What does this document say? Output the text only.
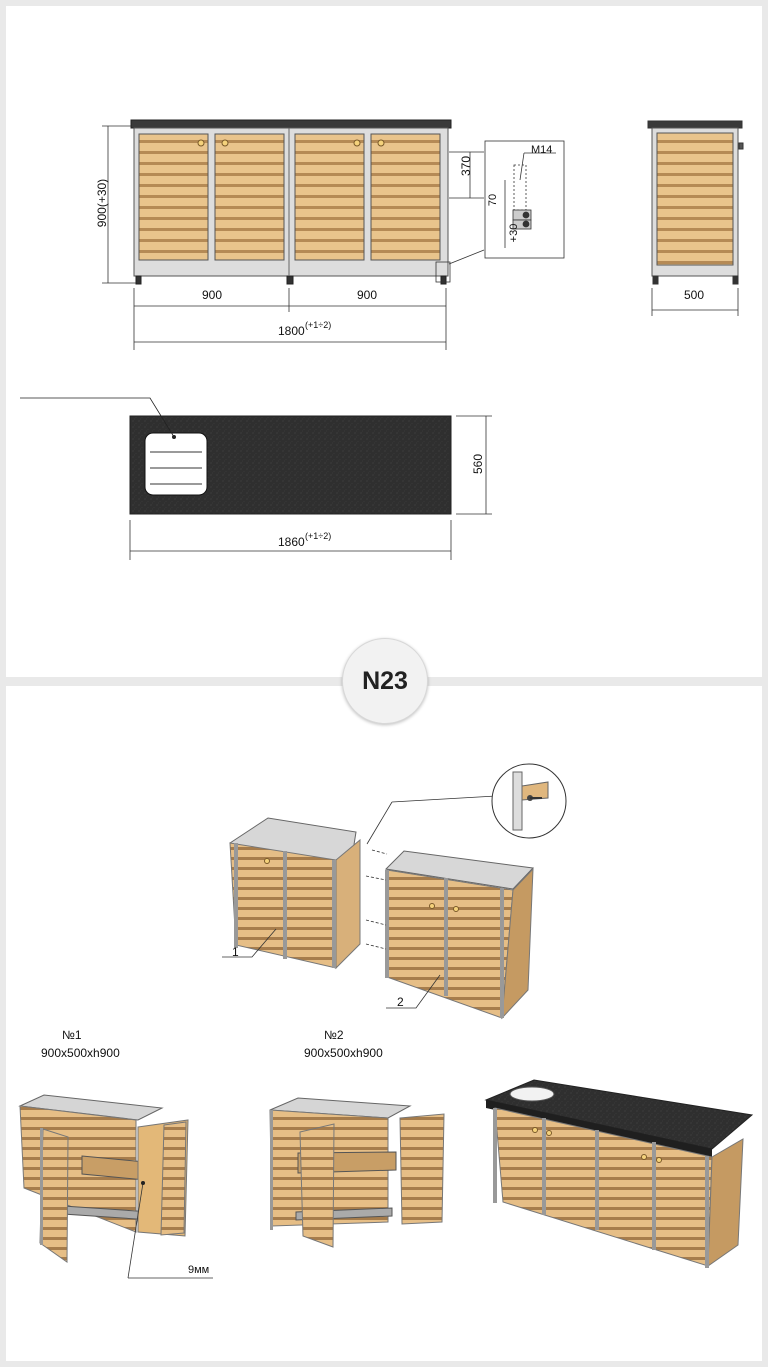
N23
900(+30)
900	900
1800 (+1÷2)
M14
370
70
+30
500
560
1860 (+1÷2)
1
2
№1
900x500xh900
№2
900x500xh900
9мм
